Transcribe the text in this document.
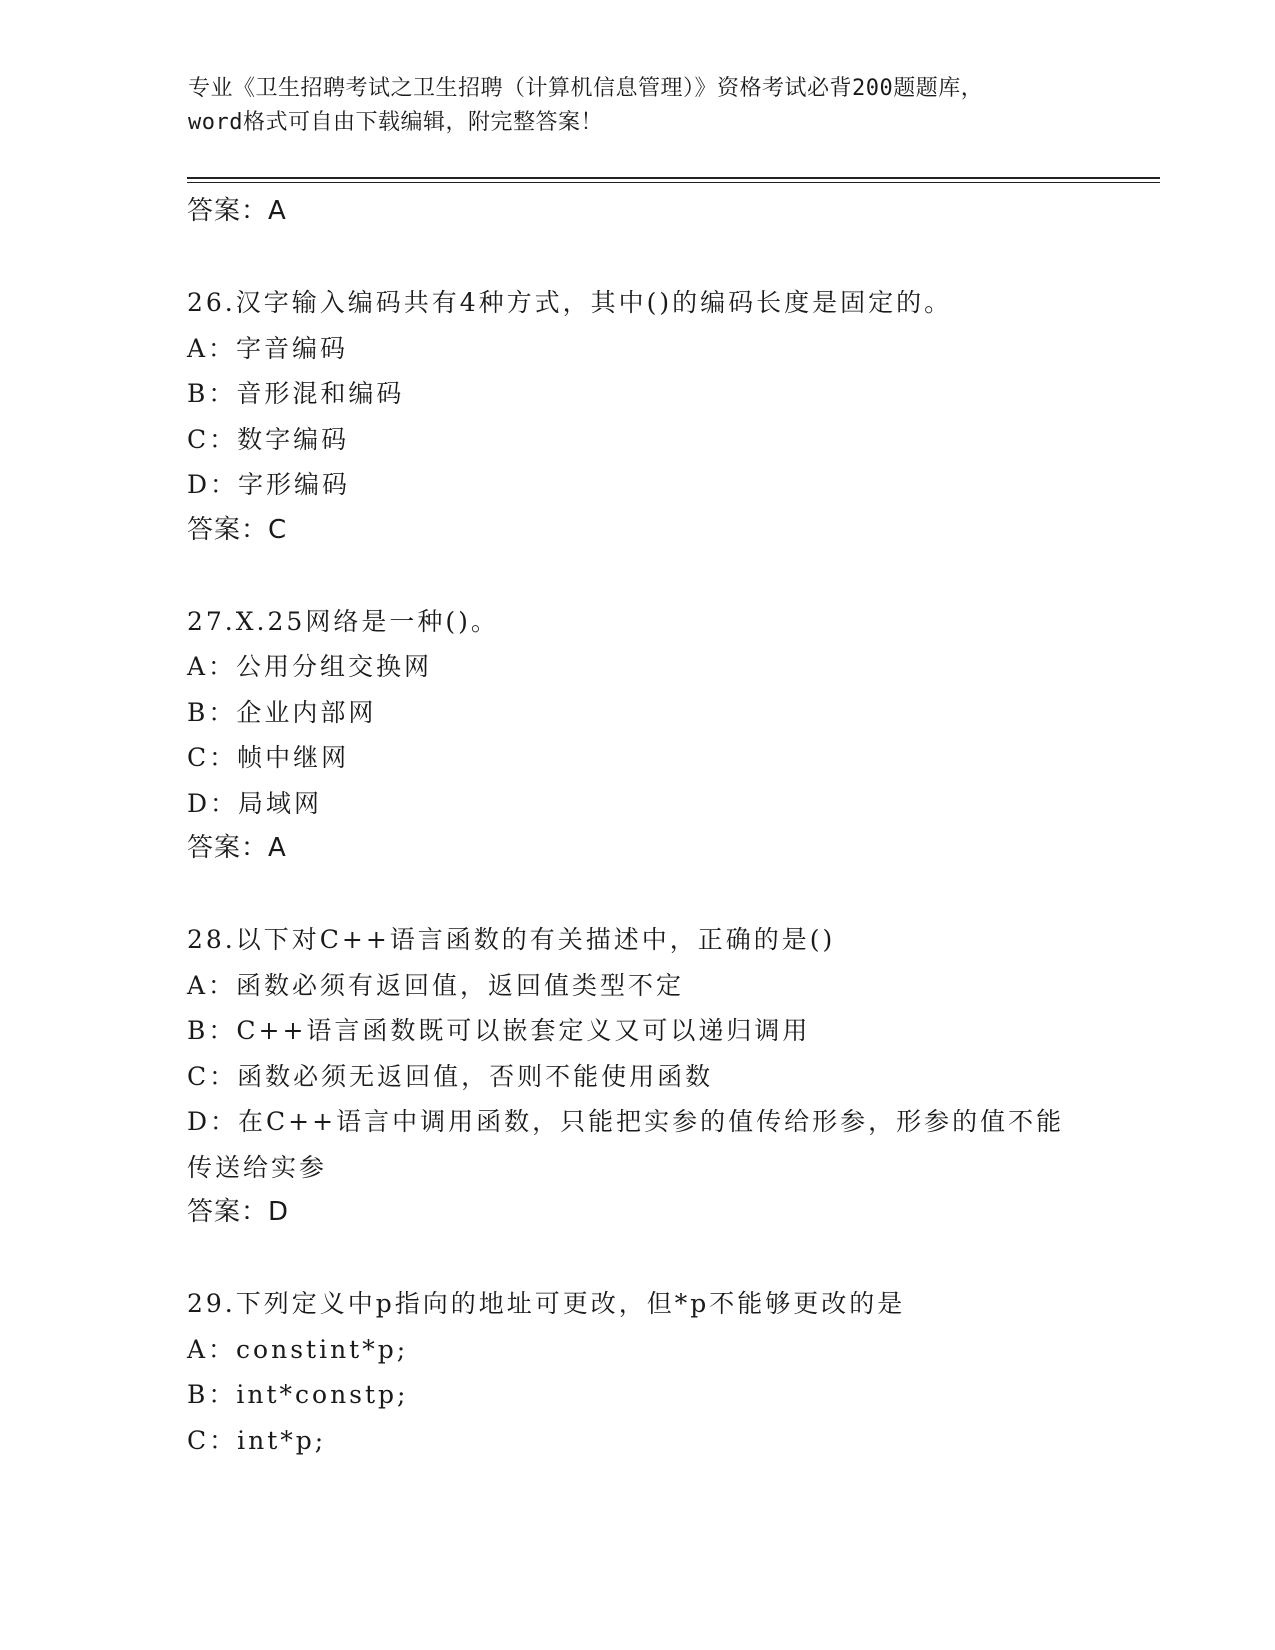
专业《卫生招聘考试之卫生招聘（计算机信息管理）》资格考试必背200题题库，
word格式可自由下载编辑，附完整答案！
答案：A
26.汉字输入编码共有4种方式，其中()的编码长度是固定的。
A：字音编码
B：音形混和编码
C：数字编码
D：字形编码
答案：C
27.X.25网络是一种()。
A：公用分组交换网
B：企业内部网
C：帧中继网
D：局域网
答案：A
28.以下对C++语言函数的有关描述中，正确的是()
A：函数必须有返回值，返回值类型不定
B：C++语言函数既可以嵌套定义又可以递归调用
C：函数必须无返回值，否则不能使用函数
D：在C++语言中调用函数，只能把实参的值传给形参，形参的值不能
传送给实参
答案：D
29.下列定义中p指向的地址可更改，但*p不能够更改的是
A：constint*p;
B：int*constp;
C：int*p;
